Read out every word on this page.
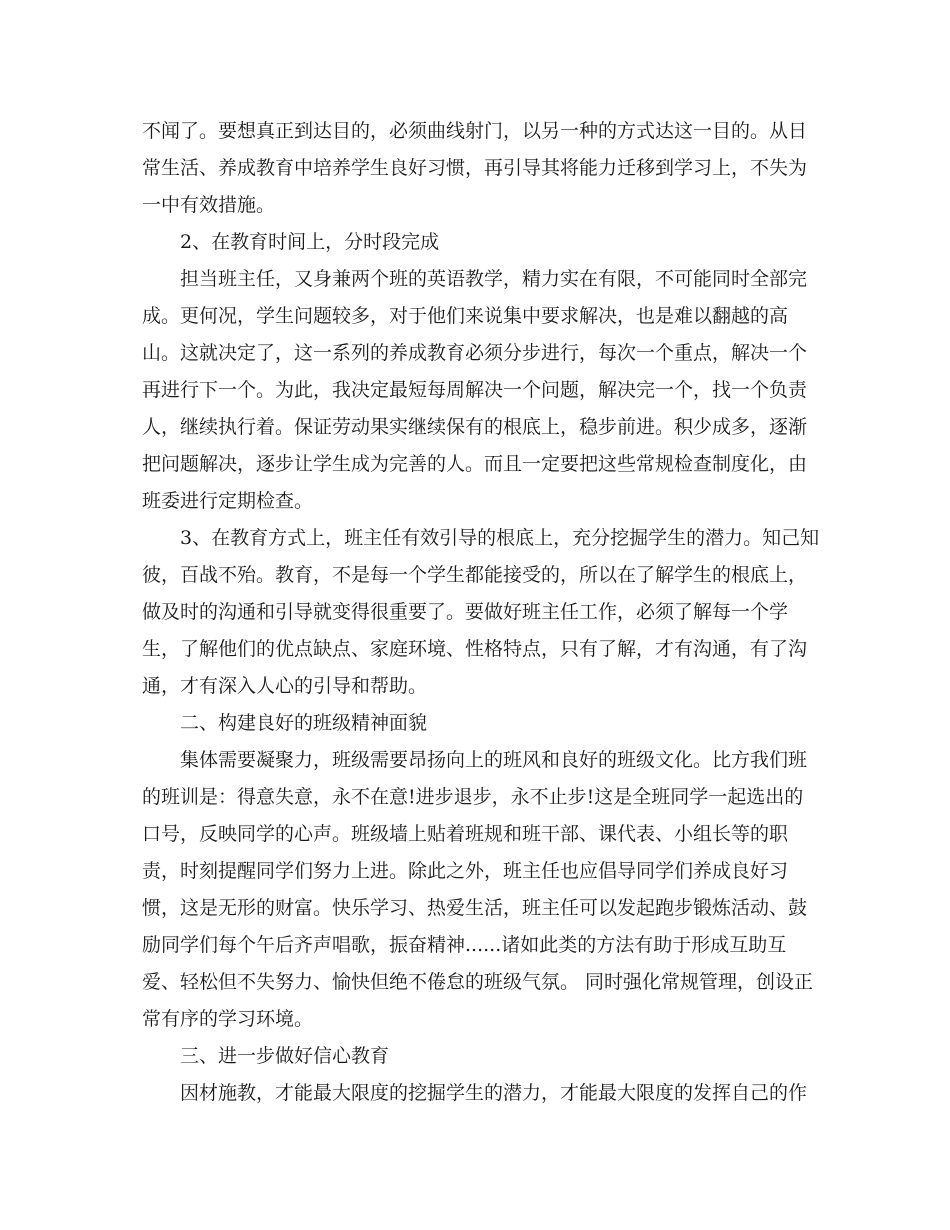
不闻了。要想真正到达目的，必须曲线射门，以另一种的方式达这一目的。从日
常生活、养成教育中培养学生良好习惯，再引导其将能力迁移到学习上，不失为
一中有效措施。
2、在教育时间上，分时段完成
担当班主任，又身兼两个班的英语教学，精力实在有限，不可能同时全部完
成。更何况，学生问题较多，对于他们来说集中要求解决，也是难以翻越的高
山。这就决定了，这一系列的养成教育必须分步进行，每次一个重点，解决一个
再进行下一个。为此，我决定最短每周解决一个问题，解决完一个，找一个负责
人，继续执行着。保证劳动果实继续保有的根底上，稳步前进。积少成多，逐渐
把问题解决，逐步让学生成为完善的人。而且一定要把这些常规检查制度化，由
班委进行定期检查。
3、在教育方式上，班主任有效引导的根底上，充分挖掘学生的潜力。知己知
彼，百战不殆。教育，不是每一个学生都能接受的，所以在了解学生的根底上，
做及时的沟通和引导就变得很重要了。要做好班主任工作，必须了解每一个学
生，了解他们的优点缺点、家庭环境、性格特点，只有了解，才有沟通，有了沟
通，才有深入人心的引导和帮助。
二、构建良好的班级精神面貌
集体需要凝聚力，班级需要昂扬向上的班风和良好的班级文化。比方我们班
的班训是：得意失意，永不在意!进步退步，永不止步!这是全班同学一起选出的
口号，反映同学的心声。班级墙上贴着班规和班干部、课代表、小组长等的职
责，时刻提醒同学们努力上进。除此之外，班主任也应倡导同学们养成良好习
惯，这是无形的财富。快乐学习、热爱生活，班主任可以发起跑步锻炼活动、鼓
励同学们每个午后齐声唱歌，振奋精神......诸如此类的方法有助于形成互助互
爱、轻松但不失努力、愉快但绝不倦怠的班级气氛。 同时强化常规管理，创设正
常有序的学习环境。
三、进一步做好信心教育
因材施教，才能最大限度的挖掘学生的潜力，才能最大限度的发挥自己的作
